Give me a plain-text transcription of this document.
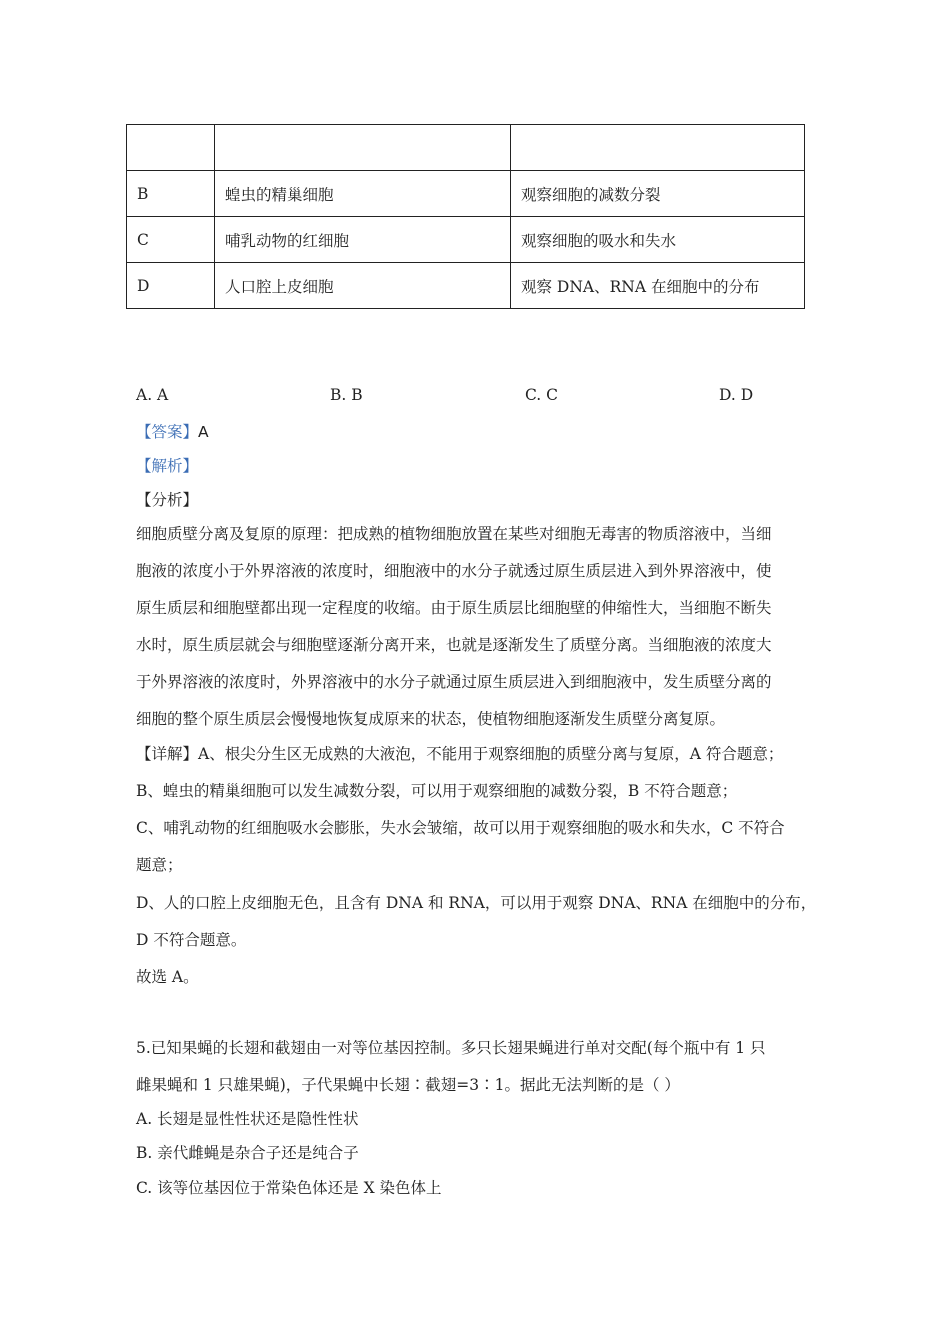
B	蝗虫的精巢细胞	观察细胞的减数分裂
C	哺乳动物的红细胞	观察细胞的吸水和失水
D	人口腔上皮细胞	观察 DNA、RNA 在细胞中的分布
A. A	B. B	C. C	D. D
【答案】A
【解析】
【分析】
细胞质壁分离及复原的原理：把成熟的植物细胞放置在某些对细胞无毒害的物质溶液中，当细
胞液的浓度小于外界溶液的浓度时，细胞液中的水分子就透过原生质层进入到外界溶液中，使
原生质层和细胞壁都出现一定程度的收缩。由于原生质层比细胞壁的伸缩性大，当细胞不断失
水时，原生质层就会与细胞壁逐渐分离开来，也就是逐渐发生了质壁分离。当细胞液的浓度大
于外界溶液的浓度时，外界溶液中的水分子就通过原生质层进入到细胞液中，发生质壁分离的
细胞的整个原生质层会慢慢地恢复成原来的状态，使植物细胞逐渐发生质壁分离复原。
【详解】A、根尖分生区无成熟的大液泡，不能用于观察细胞的质壁分离与复原，A 符合题意；
B、蝗虫的精巢细胞可以发生减数分裂，可以用于观察细胞的减数分裂，B 不符合题意；
C、哺乳动物的红细胞吸水会膨胀，失水会皱缩，故可以用于观察细胞的吸水和失水，C 不符合
题意；
D、人的口腔上皮细胞无色，且含有 DNA 和 RNA，可以用于观察 DNA、RNA 在细胞中的分布，
D 不符合题意。
故选 A。
5.已知果蝇的长翅和截翅由一对等位基因控制。多只长翅果蝇进行单对交配(每个瓶中有 1 只
雌果蝇和 1 只雄果蝇)，子代果蝇中长翅∶截翅=3∶1。据此无法判断的是（ ）
A. 长翅是显性性状还是隐性性状
B. 亲代雌蝇是杂合子还是纯合子
C. 该等位基因位于常染色体还是 X 染色体上
